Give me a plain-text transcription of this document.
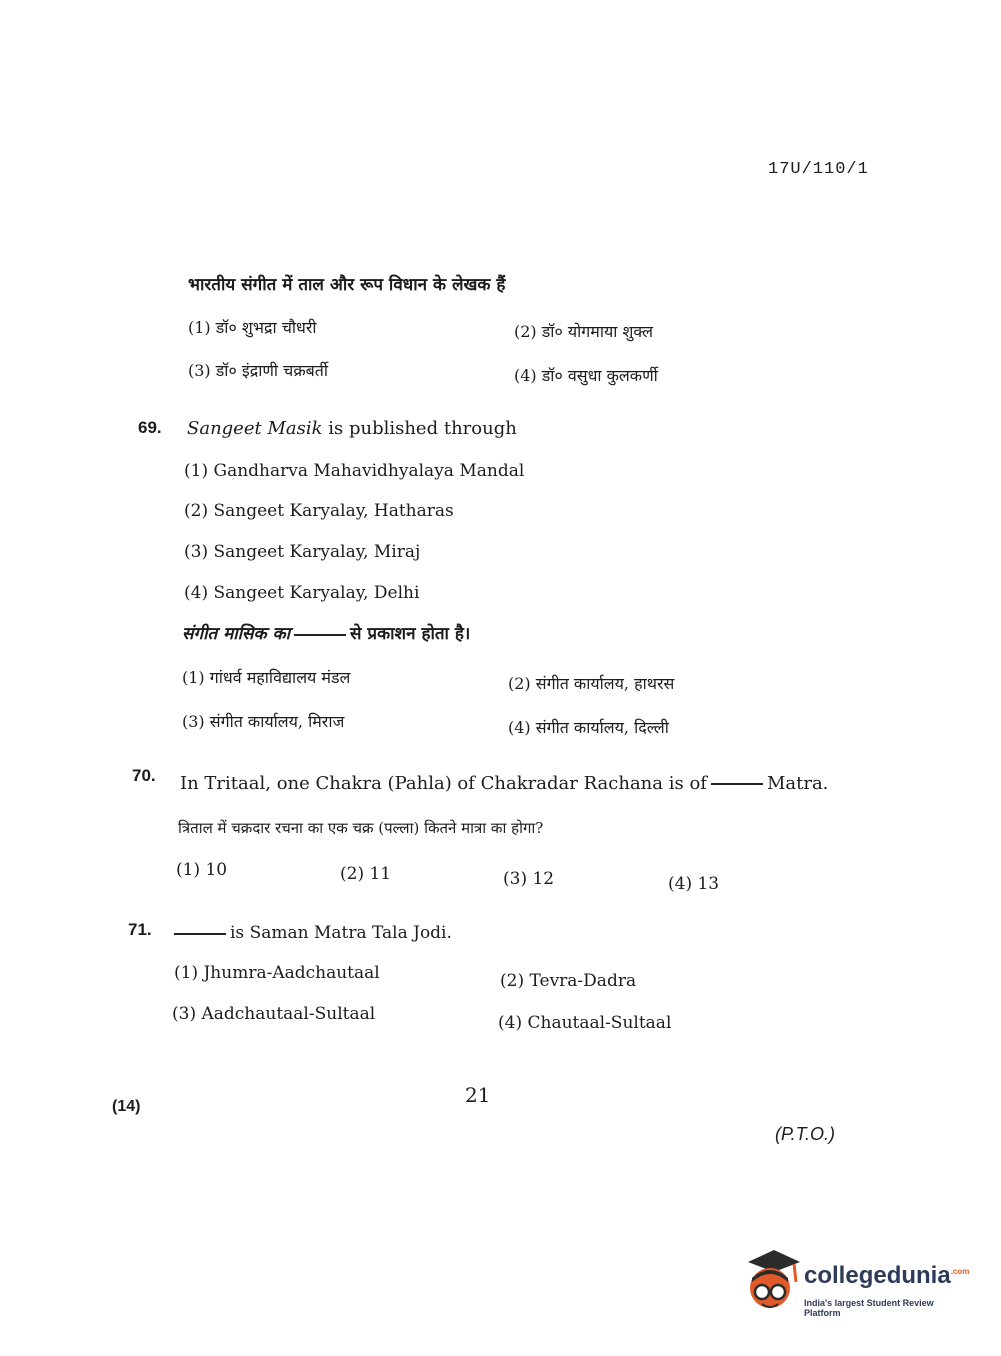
17U/110/1
भारतीय संगीत में ताल और रूप विधान के लेखक हैं
(1) डॉ० शुभद्रा चौधरी	(2) डॉ० योगमाया शुक्ल
(3) डॉ० इंद्राणी चक्रबर्ती	(4) डॉ० वसुधा कुलकर्णी
69. Sangeet Masik is published through
(1) Gandharva Mahavidhyalaya Mandal
(2) Sangeet Karyalay, Hatharas
(3) Sangeet Karyalay, Miraj
(4) Sangeet Karyalay, Delhi
संगीत मासिक का	से प्रकाशन होता है।
(1) गांधर्व महाविद्यालय मंडल	(2) संगीत कार्यालय, हाथरस
(3) संगीत कार्यालय, मिराज	(4) संगीत कार्यालय, दिल्ली
70. In Tritaal, one Chakra (Pahla) of Chakradar Rachana is of	Matra.
त्रिताल में चक्रदार रचना का एक चक्र (पल्ला) कितने मात्रा का होगा?
(1) 10	(2) 11	(3) 12	(4) 13
71.	is Saman Matra Tala Jodi.
(1) Jhumra-Aadchautaal	(2) Tevra-Dadra
(3) Aadchautaal-Sultaal	(4) Chautaal-Sultaal
21
(14)
(P.T.O.)
collegedunia$^{.com}$
India's largest Student Review Platform
